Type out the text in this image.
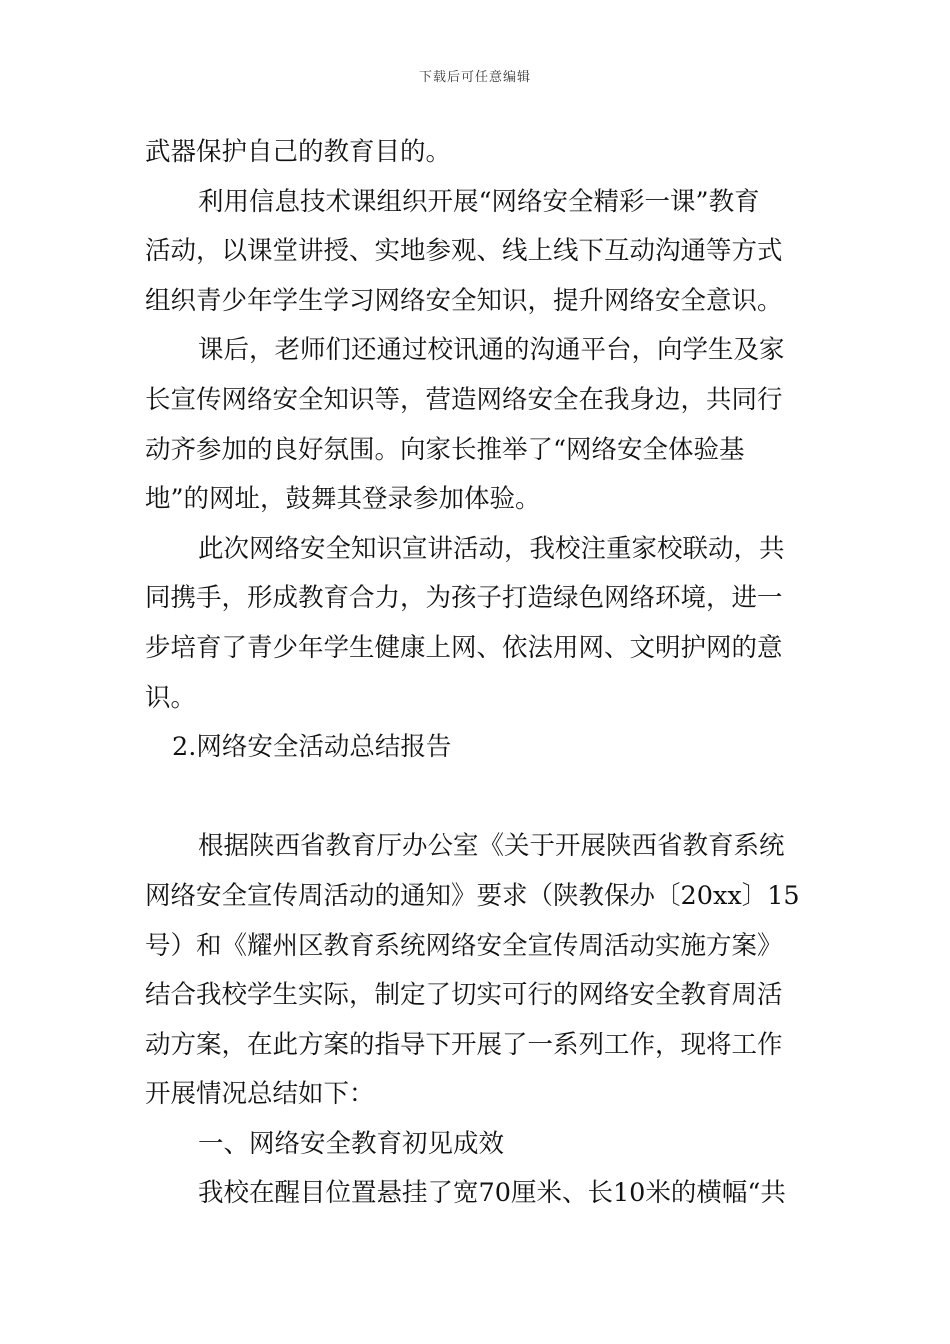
下载后可任意编辑
武器保护自己的教育目的。
利用信息技术课组织开展“网络安全精彩一课”教育
活动，以课堂讲授、实地参观、线上线下互动沟通等方式
组织青少年学生学习网络安全知识，提升网络安全意识。
课后，老师们还通过校讯通的沟通平台，向学生及家
长宣传网络安全知识等，营造网络安全在我身边，共同行
动齐参加的良好氛围。向家长推举了“网络安全体验基
地”的网址，鼓舞其登录参加体验。
此次网络安全知识宣讲活动，我校注重家校联动，共
同携手，形成教育合力，为孩子打造绿色网络环境，进一
步培育了青少年学生健康上网、依法用网、文明护网的意
识。
2.网络安全活动总结报告
根据陕西省教育厅办公室《关于开展陕西省教育系统
网络安全宣传周活动的通知》要求（陕教保办〔20xx〕15
号）和《耀州区教育系统网络安全宣传周活动实施方案》
结合我校学生实际，制定了切实可行的网络安全教育周活
动方案，在此方案的指导下开展了一系列工作，现将工作
开展情况总结如下：
一、网络安全教育初见成效
我校在醒目位置悬挂了宽70厘米、长10米的横幅“共
